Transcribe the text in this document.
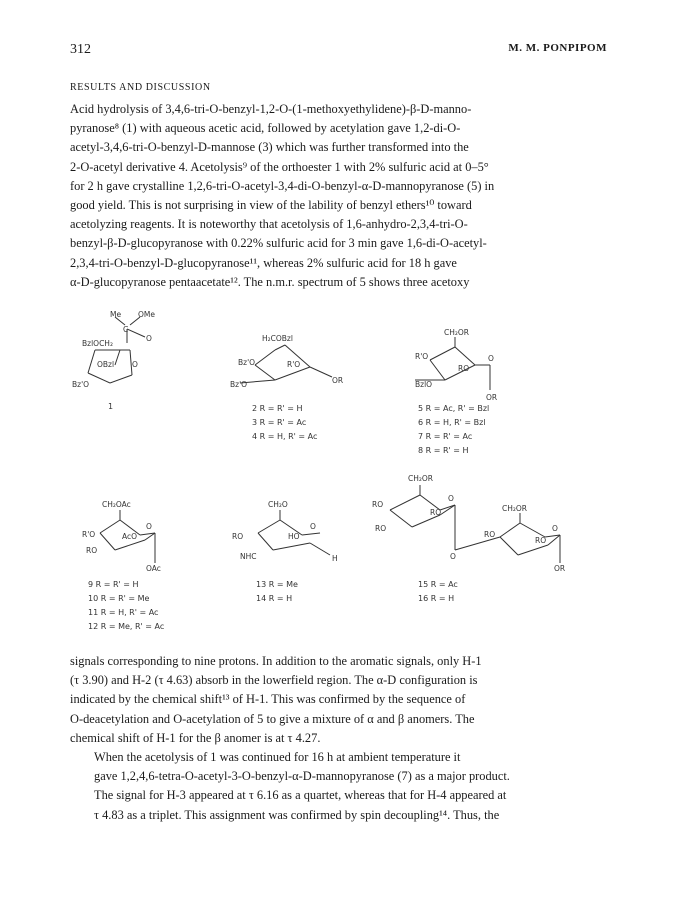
312	M. M. PONPIPOM
RESULTS AND DISCUSSION
Acid hydrolysis of 3,4,6-tri-O-benzyl-1,2-O-(1-methoxyethylidene)-β-D-manno-
pyranose⁸ (1) with aqueous acetic acid, followed by acetylation gave 1,2-di-O-
acetyl-3,4,6-tri-O-benzyl-D-mannose (3) which was further transformed into the
2-O-acetyl derivative 4. Acetolysis⁹ of the orthoester 1 with 2% sulfuric acid at 0–5°
for 2 h gave crystalline 1,2,6-tri-O-acetyl-3,4-di-O-benzyl-α-D-mannopyranose (5) in
good yield. This is not surprising in view of the lability of benzyl ethers¹⁰ toward
acetolyzing reagents. It is noteworthy that acetolysis of 1,6-anhydro-2,3,4-tri-O-
benzyl-β-D-glucopyranose with 0.22% sulfuric acid for 3 min gave 1,6-di-O-acetyl-
2,3,4-tri-O-benzyl-D-glucopyranose¹¹, whereas 2% sulfuric acid for 18 h gave
α-D-glucopyranose pentaacetate¹². The n.m.r. spectrum of 5 shows three acetoxy
Me OMe
C
O
BzlOCH₂
OBzl O
Bz'O
1
H₂COBzl
Bz'O	R'O
OR
Bz'O
2 R = R' = H
3 R = R' = Ac
4 R = H, R' = Ac
CH₂OR
R'O	O
RO
BzlO
OR
5 R = Ac, R' = Bzl
6 R = H, R' = Bzl
7 R = R' = Ac
8 R = R' = H
CH₂OAc
R'O
O
AcO
RO
OAc
9 R = R' = H
10 R = R' = Me
11 R = H, R' = Ac
12 R = Me, R' = Ac
CH₂O
O
HO
RO
NHC	H
13 R = Me
14 R = H
CH₂OR
RO
O
RO
RO
CH₂OR
O
RO
RO
O
OR
15 R = Ac
16 R = H
signals corresponding to nine protons. In addition to the aromatic signals, only H-1
(τ 3.90) and H-2 (τ 4.63) absorb in the lowerfield region. The α-D configuration is
indicated by the chemical shift¹³ of H-1. This was confirmed by the sequence of
O-deacetylation and O-acetylation of 5 to give a mixture of α and β anomers. The
chemical shift of H-1 for the β anomer is at τ 4.27.
When the acetolysis of 1 was continued for 16 h at ambient temperature it
gave 1,2,4,6-tetra-O-acetyl-3-O-benzyl-α-D-mannopyranose (7) as a major product.
The signal for H-3 appeared at τ 6.16 as a quartet, whereas that for H-4 appeared at
τ 4.83 as a triplet. This assignment was confirmed by spin decoupling¹⁴. Thus, the
